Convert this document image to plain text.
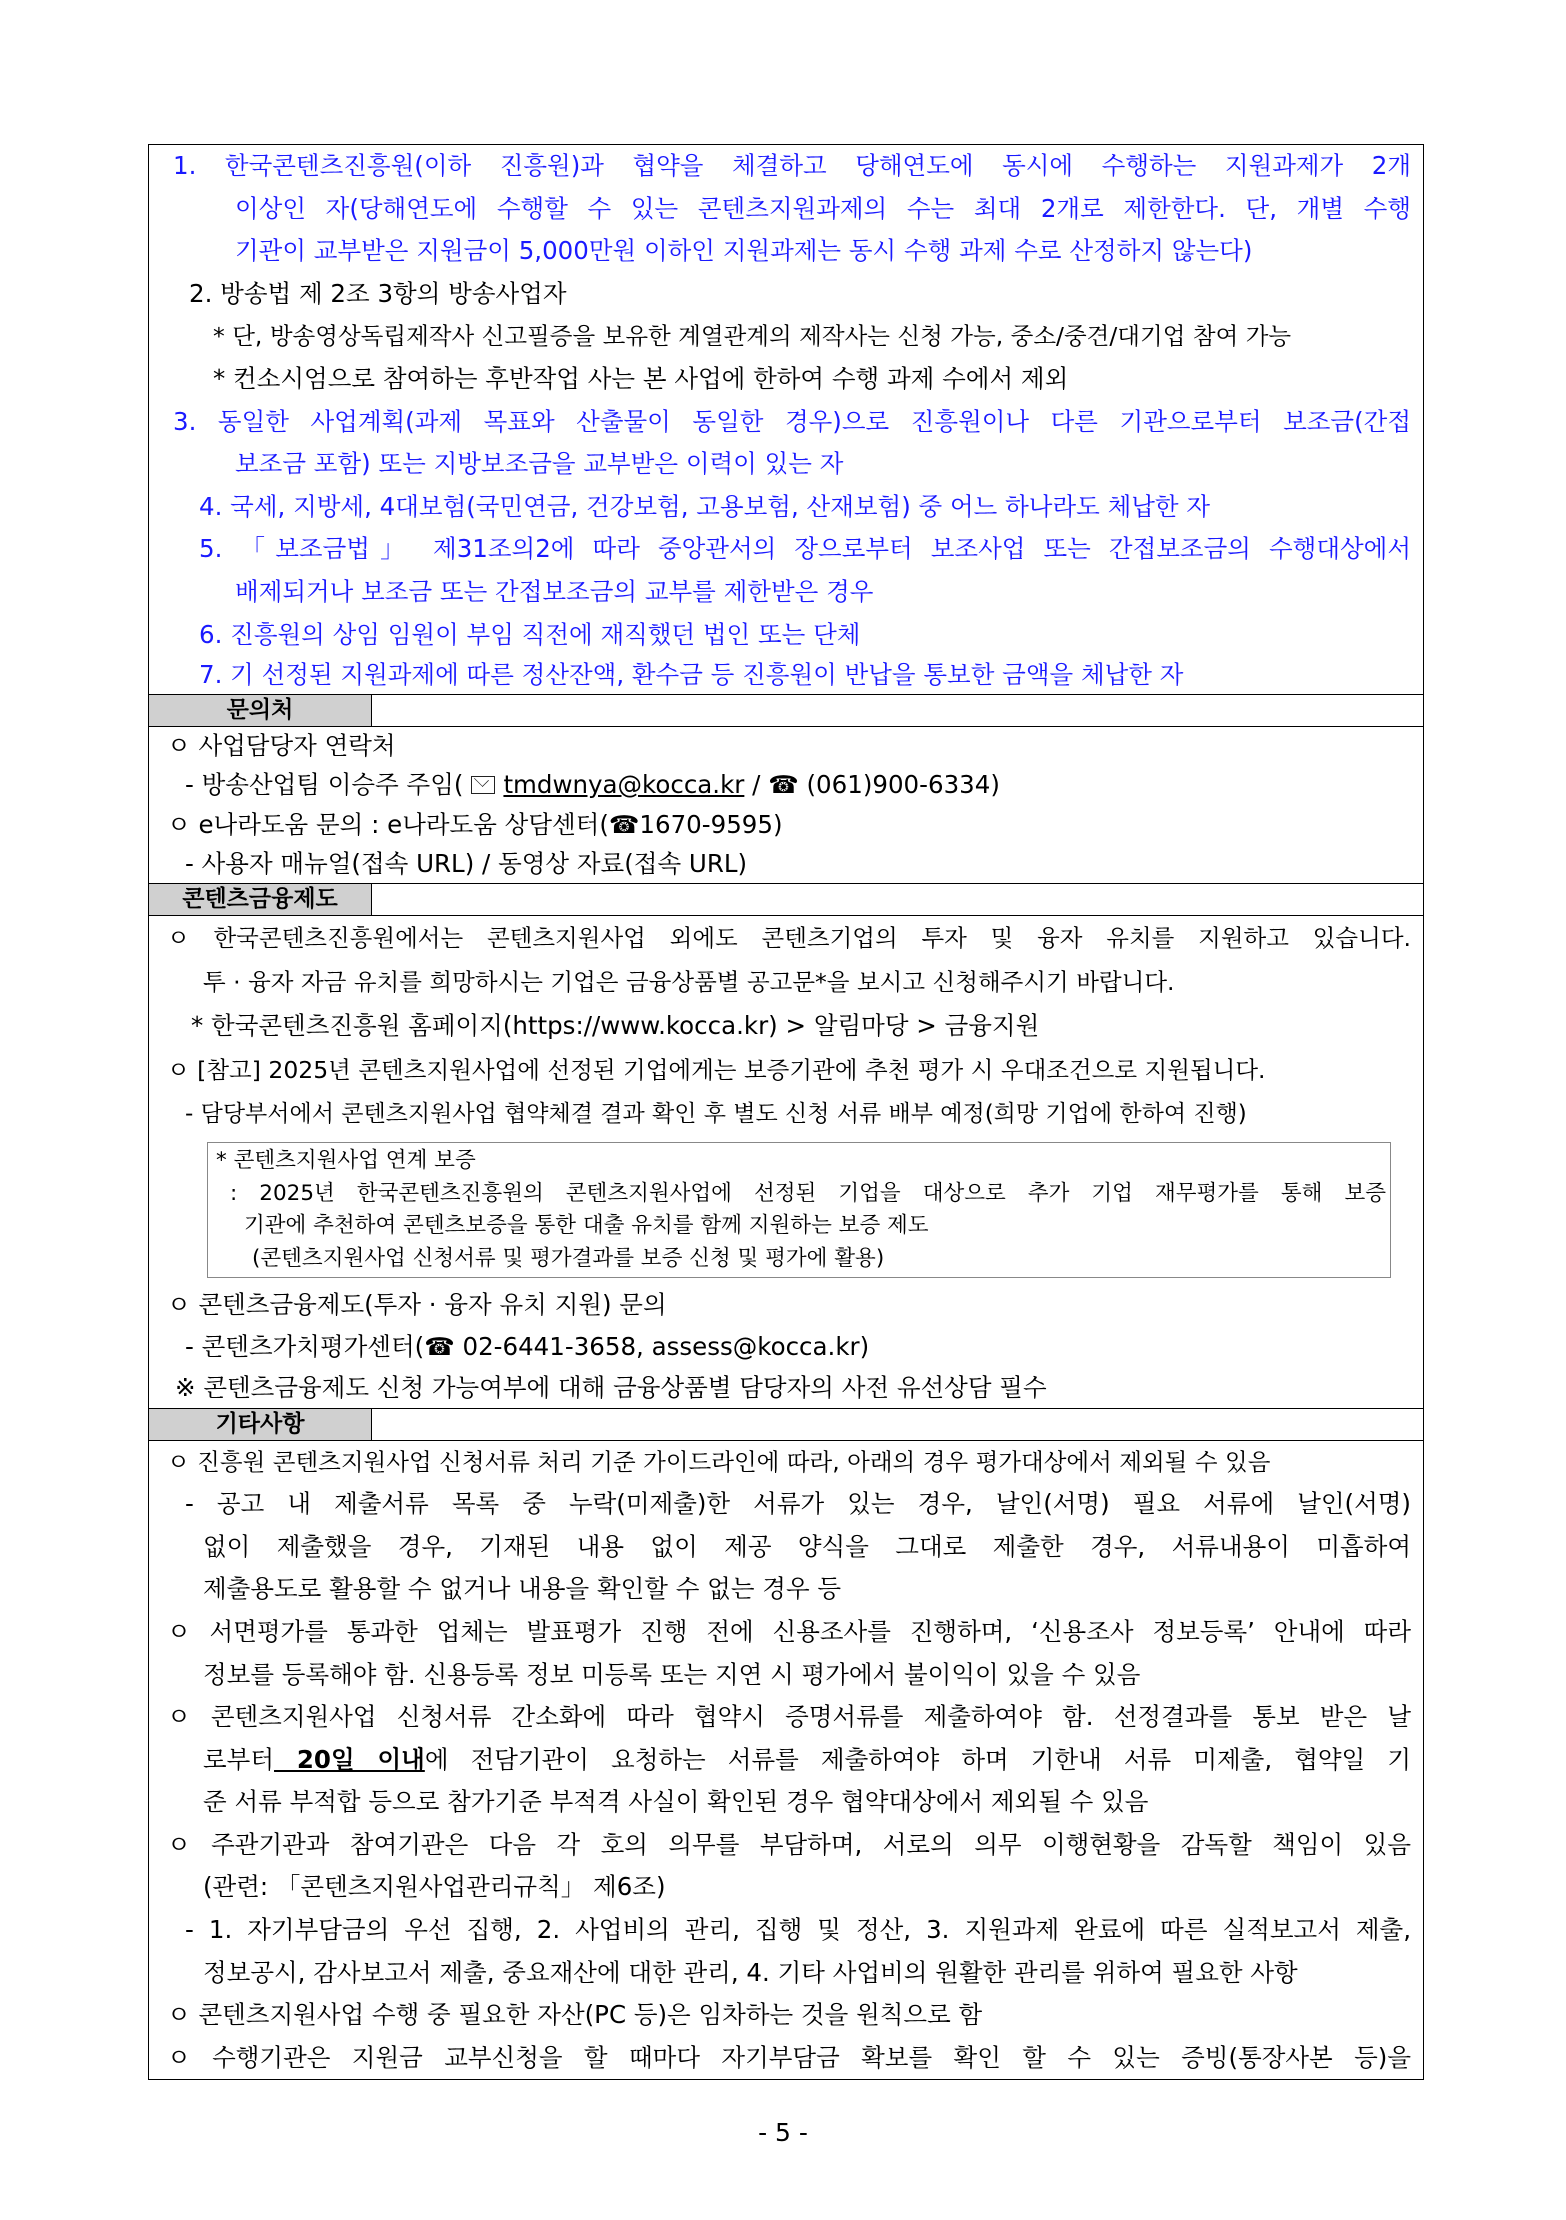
1. 한국콘텐츠진흥원(이하 진흥원)과 협약을 체결하고 당해연도에 동시에 수행하는 지원과제가 2개
이상인 자(당해연도에 수행할 수 있는 콘텐츠지원과제의 수는 최대 2개로 제한한다. 단, 개별 수행
기관이 교부받은 지원금이 5,000만원 이하인 지원과제는 동시 수행 과제 수로 산정하지 않는다)
2. 방송법 제 2조 3항의 방송사업자
* 단, 방송영상독립제작사 신고필증을 보유한 계열관계의 제작사는 신청 가능, 중소/중견/대기업 참여 가능
* 컨소시엄으로 참여하는 후반작업 사는 본 사업에 한하여 수행 과제 수에서 제외
3. 동일한 사업계획(과제 목표와 산출물이 동일한 경우)으로 진흥원이나 다른 기관으로부터 보조금(간접
보조금 포함) 또는 지방보조금을 교부받은 이력이 있는 자
4. 국세, 지방세, 4대보험(국민연금, 건강보험, 고용보험, 산재보험) 중 어느 하나라도 체납한 자
5. 「보조금법」 제31조의2에 따라 중앙관서의 장으로부터 보조사업 또는 간접보조금의 수행대상에서
배제되거나 보조금 또는 간접보조금의 교부를 제한받은 경우
6. 진흥원의 상임 임원이 부임 직전에 재직했던 법인 또는 단체
7. 기 선정된 지원과제에 따른 정산잔액, 환수금 등 진흥원이 반납을 통보한 금액을 체납한 자
문의처
ㅇ 사업담당자 연락처
- 방송산업팀 이승주 주임( tmdwnya@kocca.kr / ☎ (061)900-6334)
ㅇ e나라도움 문의 : e나라도움 상담센터(☎1670-9595)
- 사용자 매뉴얼(접속 URL) / 동영상 자료(접속 URL)
콘텐츠금융제도
ㅇ 한국콘텐츠진흥원에서는 콘텐츠지원사업 외에도 콘텐츠기업의 투자 및 융자 유치를 지원하고 있습니다.
투 · 융자 자금 유치를 희망하시는 기업은 금융상품별 공고문*을 보시고 신청해주시기 바랍니다.
* 한국콘텐츠진흥원 홈페이지(https://www.kocca.kr) > 알림마당 > 금융지원
ㅇ [참고] 2025년 콘텐츠지원사업에 선정된 기업에게는 보증기관에 추천 평가 시 우대조건으로 지원됩니다.
- 담당부서에서 콘텐츠지원사업 협약체결 결과 확인 후 별도 신청 서류 배부 예정(희망 기업에 한하여 진행)
* 콘텐츠지원사업 연계 보증
: 2025년 한국콘텐츠진흥원의 콘텐츠지원사업에 선정된 기업을 대상으로 추가 기업 재무평가를 통해 보증
기관에 추천하여 콘텐츠보증을 통한 대출 유치를 함께 지원하는 보증 제도
(콘텐츠지원사업 신청서류 및 평가결과를 보증 신청 및 평가에 활용)
ㅇ 콘텐츠금융제도(투자 · 융자 유치 지원) 문의
- 콘텐츠가치평가센터(☎ 02-6441-3658, assess@kocca.kr)
※ 콘텐츠금융제도 신청 가능여부에 대해 금융상품별 담당자의 사전 유선상담 필수
기타사항
ㅇ 진흥원 콘텐츠지원사업 신청서류 처리 기준 가이드라인에 따라, 아래의 경우 평가대상에서 제외될 수 있음
- 공고 내 제출서류 목록 중 누락(미제출)한 서류가 있는 경우, 날인(서명) 필요 서류에 날인(서명)
없이 제출했을 경우, 기재된 내용 없이 제공 양식을 그대로 제출한 경우, 서류내용이 미흡하여
제출용도로 활용할 수 없거나 내용을 확인할 수 없는 경우 등
ㅇ 서면평가를 통과한 업체는 발표평가 진행 전에 신용조사를 진행하며, ‘신용조사 정보등록’ 안내에 따라
정보를 등록해야 함. 신용등록 정보 미등록 또는 지연 시 평가에서 불이익이 있을 수 있음
ㅇ 콘텐츠지원사업 신청서류 간소화에 따라 협약시 증명서류를 제출하여야 함. 선정결과를 통보 받은 날
로부터 20일 이내에 전담기관이 요청하는 서류를 제출하여야 하며 기한내 서류 미제출, 협약일 기
준 서류 부적합 등으로 참가기준 부적격 사실이 확인된 경우 협약대상에서 제외될 수 있음
ㅇ 주관기관과 참여기관은 다음 각 호의 의무를 부담하며, 서로의 의무 이행현황을 감독할 책임이 있음
(관련: 「콘텐츠지원사업관리규칙」 제6조)
- 1. 자기부담금의 우선 집행, 2. 사업비의 관리, 집행 및 정산, 3. 지원과제 완료에 따른 실적보고서 제출,
정보공시, 감사보고서 제출, 중요재산에 대한 관리, 4. 기타 사업비의 원활한 관리를 위하여 필요한 사항
ㅇ 콘텐츠지원사업 수행 중 필요한 자산(PC 등)은 임차하는 것을 원칙으로 함
ㅇ 수행기관은 지원금 교부신청을 할 때마다 자기부담금 확보를 확인 할 수 있는 증빙(통장사본 등)을
- 5 -
